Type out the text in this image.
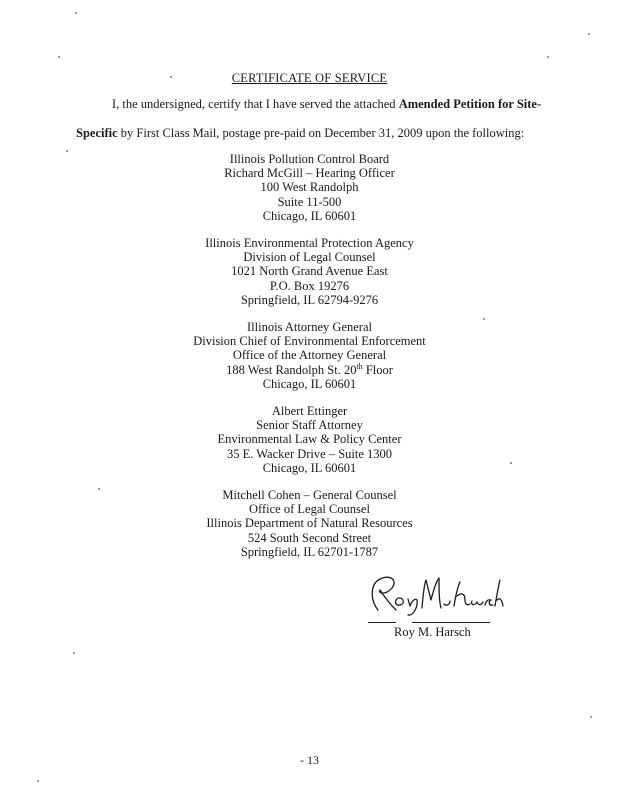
CERTIFICATE OF SERVICE
I, the undersigned, certify that I have served the attached Amended Petition for Site-
Specific by First Class Mail, postage pre-paid on December 31, 2009 upon the following:
Illinois Pollution Control Board
Richard McGill – Hearing Officer
100 West Randolph
Suite 11-500
Chicago, IL 60601
Illinois Environmental Protection Agency
Division of Legal Counsel
1021 North Grand Avenue East
P.O. Box 19276
Springfield, IL 62794-9276
Illinois Attorney General
Division Chief of Environmental Enforcement
Office of the Attorney General
188 West Randolph St. 20th Floor
Chicago, IL 60601
Albert Ettinger
Senior Staff Attorney
Environmental Law & Policy Center
35 E. Wacker Drive – Suite 1300
Chicago, IL 60601
Mitchell Cohen – General Counsel
Office of Legal Counsel
Illinois Department of Natural Resources
524 South Second Street
Springfield, IL 62701-1787
Roy M. Harsch
- 13
